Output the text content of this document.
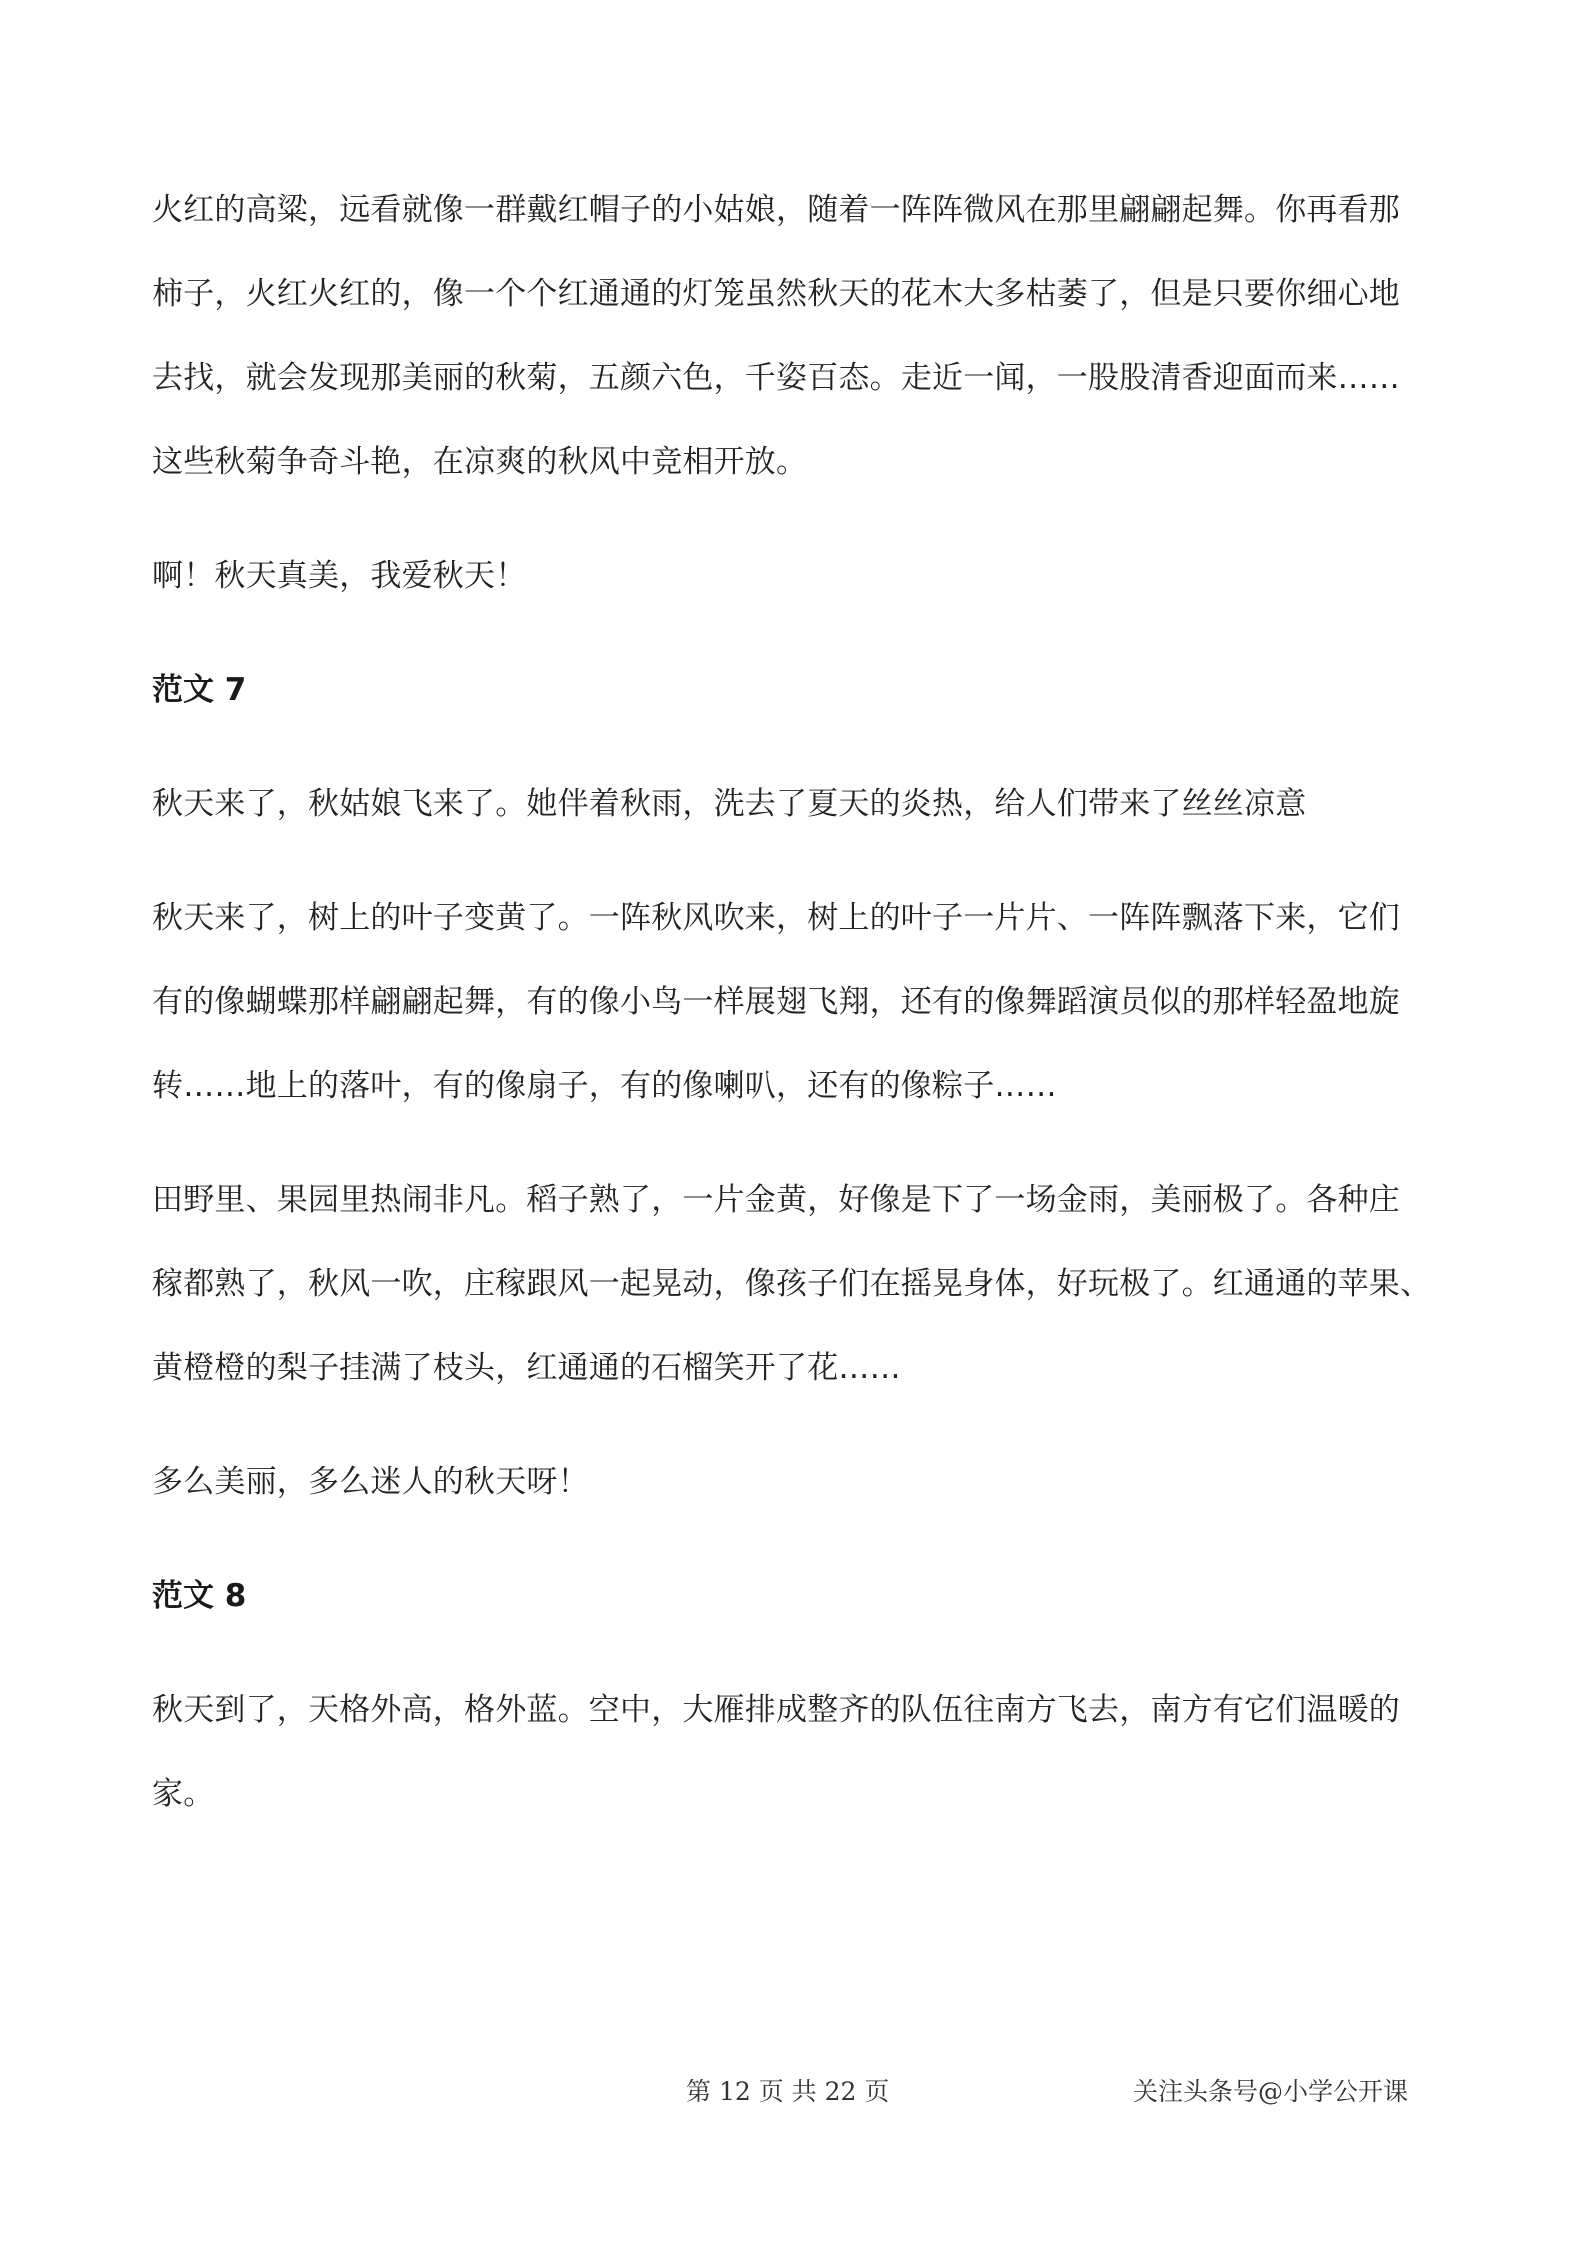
火红的高粱，远看就像一群戴红帽子的小姑娘，随着一阵阵微风在那里翩翩起舞。你再看那
柿子，火红火红的，像一个个红通通的灯笼虽然秋天的花木大多枯萎了，但是只要你细心地
去找，就会发现那美丽的秋菊，五颜六色，千姿百态。走近一闻，一股股清香迎面而来……
这些秋菊争奇斗艳，在凉爽的秋风中竞相开放。

啊！秋天真美，我爱秋天！

范文 7

秋天来了，秋姑娘飞来了。她伴着秋雨，洗去了夏天的炎热，给人们带来了丝丝凉意

秋天来了，树上的叶子变黄了。一阵秋风吹来，树上的叶子一片片、一阵阵飘落下来，它们
有的像蝴蝶那样翩翩起舞，有的像小鸟一样展翅飞翔，还有的像舞蹈演员似的那样轻盈地旋
转……地上的落叶，有的像扇子，有的像喇叭，还有的像粽子……

田野里、果园里热闹非凡。稻子熟了，一片金黄，好像是下了一场金雨，美丽极了。各种庄
稼都熟了，秋风一吹，庄稼跟风一起晃动，像孩子们在摇晃身体，好玩极了。红通通的苹果、
黄橙橙的梨子挂满了枝头，红通通的石榴笑开了花……

多么美丽，多么迷人的秋天呀！

范文 8

秋天到了，天格外高，格外蓝。空中，大雁排成整齐的队伍往南方飞去，南方有它们温暖的
家。

第 12 页 共 22 页	关注头条号@小学公开课
